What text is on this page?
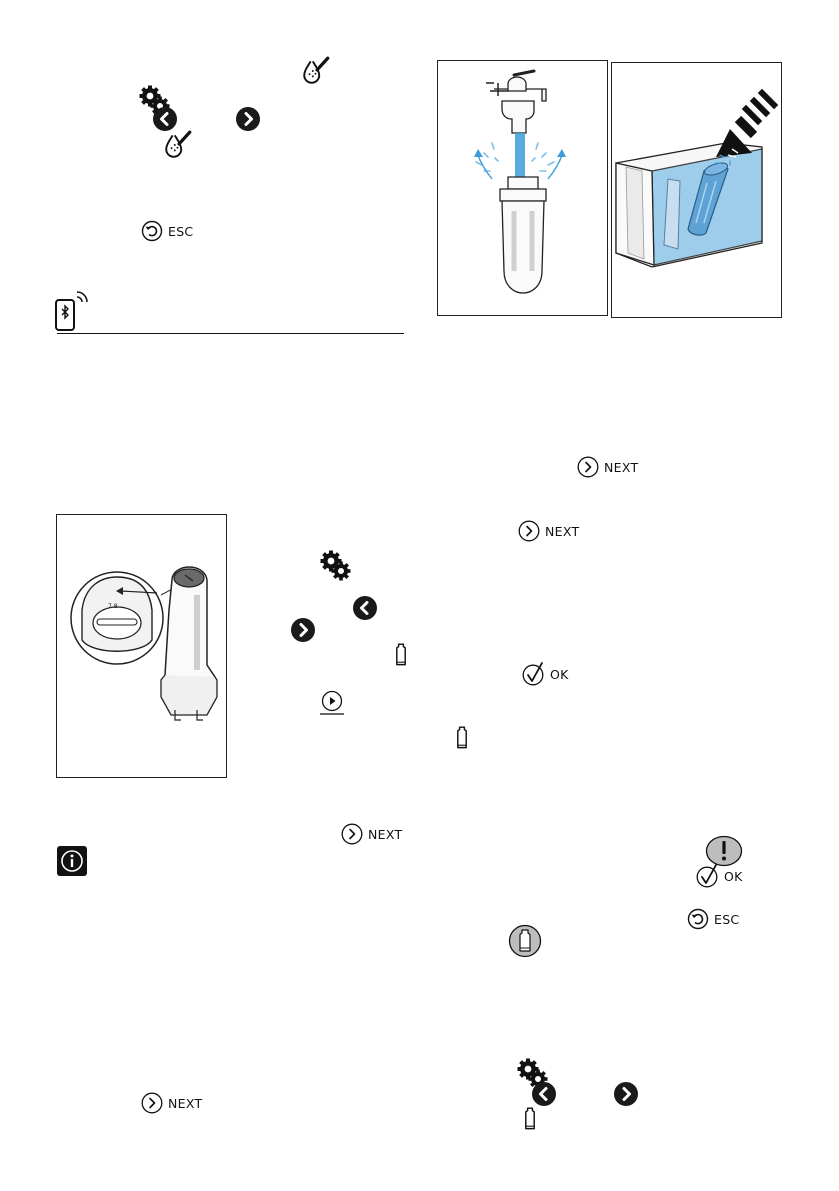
ESC
7 8
NEXT
NEXT
NEXT
NEXT
OK
OK
ESC
